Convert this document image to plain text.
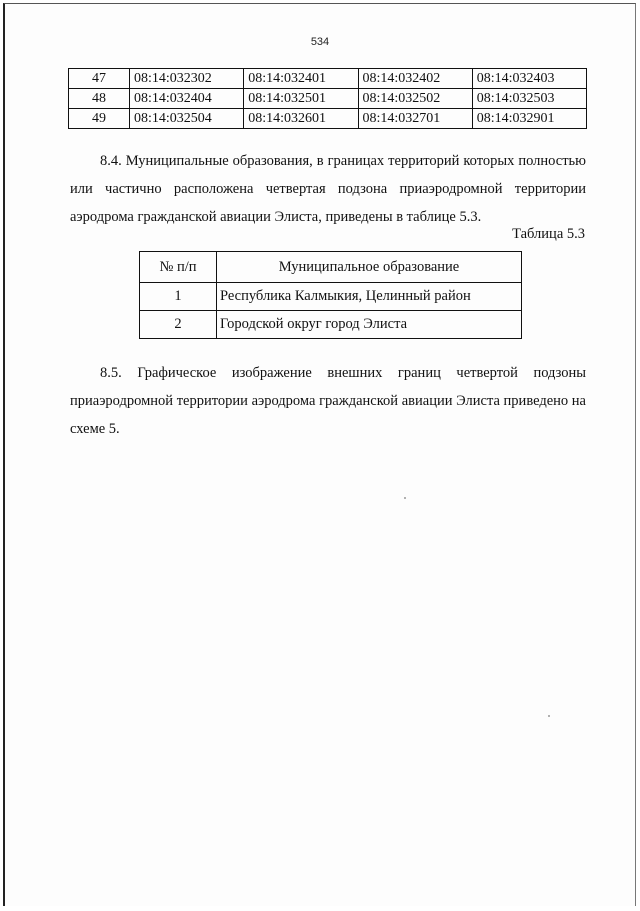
534
47	08:14:032302	08:14:032401	08:14:032402	08:14:032403
48	08:14:032404	08:14:032501	08:14:032502	08:14:032503
49	08:14:032504	08:14:032601	08:14:032701	08:14:032901

8.4. Муниципальные образования, в границах территорий которых полностью или частично расположена четвертая подзона приаэродромной территории аэродрома гражданской авиации Элиста, приведены в таблице 5.3.

Таблица 5.3
№ п/п	Муниципальное образование
1	Республика Калмыкия, Целинный район
2	Городской округ город Элиста

8.5. Графическое изображение внешних границ четвертой подзоны приаэродромной территории аэродрома гражданской авиации Элиста приведено на схеме 5.
